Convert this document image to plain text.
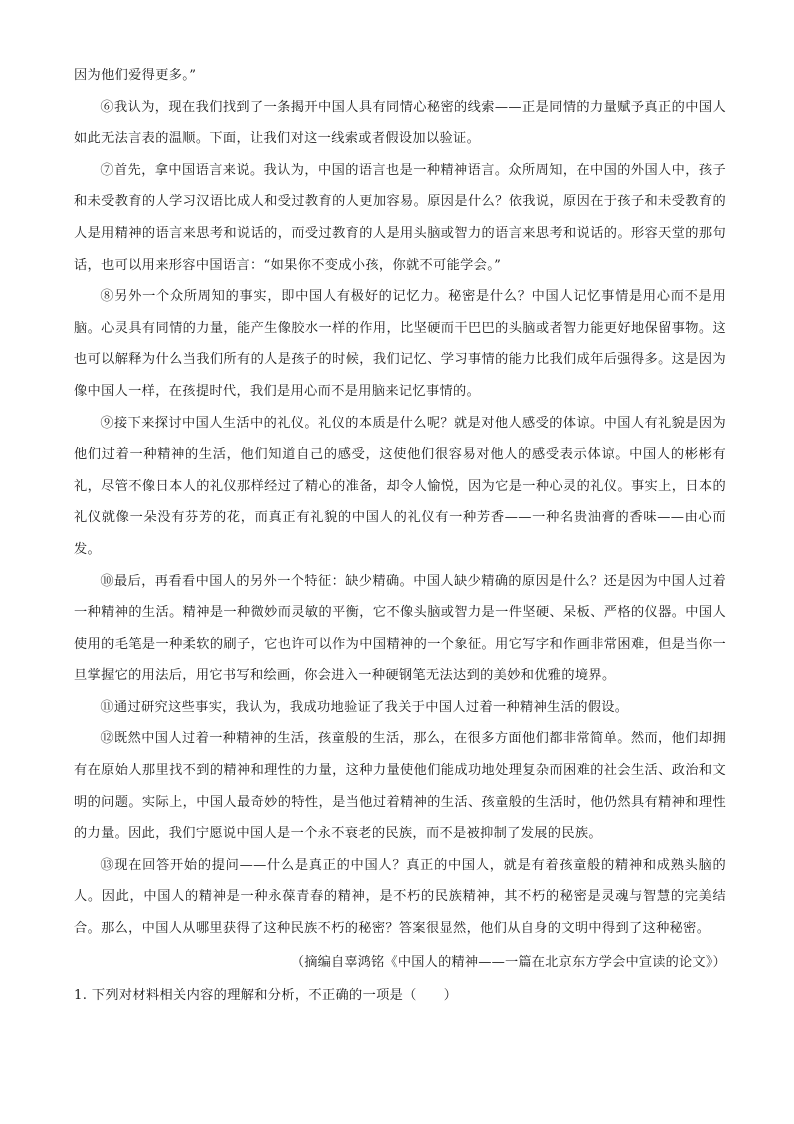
因为他们爱得更多。”

⑥我认为，现在我们找到了一条揭开中国人具有同情心秘密的线索——正是同情的力量赋予真正的中国人如此无法言表的温顺。下面，让我们对这一线索或者假设加以验证。

⑦首先，拿中国语言来说。我认为，中国的语言也是一种精神语言。众所周知，在中国的外国人中，孩子和未受教育的人学习汉语比成人和受过教育的人更加容易。原因是什么？依我说，原因在于孩子和未受教育的人是用精神的语言来思考和说话的，而受过教育的人是用头脑或智力的语言来思考和说话的。形容天堂的那句话，也可以用来形容中国语言：“如果你不变成小孩，你就不可能学会。”

⑧另外一个众所周知的事实，即中国人有极好的记忆力。秘密是什么？中国人记忆事情是用心而不是用脑。心灵具有同情的力量，能产生像胶水一样的作用，比坚硬而干巴巴的头脑或者智力能更好地保留事物。这也可以解释为什么当我们所有的人是孩子的时候，我们记忆、学习事情的能力比我们成年后强得多。这是因为像中国人一样，在孩提时代，我们是用心而不是用脑来记忆事情的。

⑨接下来探讨中国人生活中的礼仪。礼仪的本质是什么呢？就是对他人感受的体谅。中国人有礼貌是因为他们过着一种精神的生活，他们知道自己的感受，这使他们很容易对他人的感受表示体谅。中国人的彬彬有礼，尽管不像日本人的礼仪那样经过了精心的准备，却令人愉悦，因为它是一种心灵的礼仪。事实上，日本的礼仪就像一朵没有芬芳的花，而真正有礼貌的中国人的礼仪有一种芳香——一种名贵油膏的香味——由心而发。

⑩最后，再看看中国人的另外一个特征：缺少精确。中国人缺少精确的原因是什么？还是因为中国人过着一种精神的生活。精神是一种微妙而灵敏的平衡，它不像头脑或智力是一件坚硬、呆板、严格的仪器。中国人使用的毛笔是一种柔软的刷子，它也许可以作为中国精神的一个象征。用它写字和作画非常困难，但是当你一旦掌握它的用法后，用它书写和绘画，你会进入一种硬钢笔无法达到的美妙和优雅的境界。

⑪通过研究这些事实，我认为，我成功地验证了我关于中国人过着一种精神生活的假设。

⑫既然中国人过着一种精神的生活，孩童般的生活，那么，在很多方面他们都非常简单。然而，他们却拥有在原始人那里找不到的精神和理性的力量，这种力量使他们能成功地处理复杂而困难的社会生活、政治和文明的问题。实际上，中国人最奇妙的特性，是当他过着精神的生活、孩童般的生活时，他仍然具有精神和理性的力量。因此，我们宁愿说中国人是一个永不衰老的民族，而不是被抑制了发展的民族。

⑬现在回答开始的提问——什么是真正的中国人？真正的中国人，就是有着孩童般的精神和成熟头脑的人。因此，中国人的精神是一种永葆青春的精神，是不朽的民族精神，其不朽的秘密是灵魂与智慧的完美结合。那么，中国人从哪里获得了这种民族不朽的秘密？答案很显然，他们从自身的文明中得到了这种秘密。

（摘编自辜鸿铭《中国人的精神——一篇在北京东方学会中宣读的论文》）

1. 下列对材料相关内容的理解和分析，不正确的一项是（　　）
